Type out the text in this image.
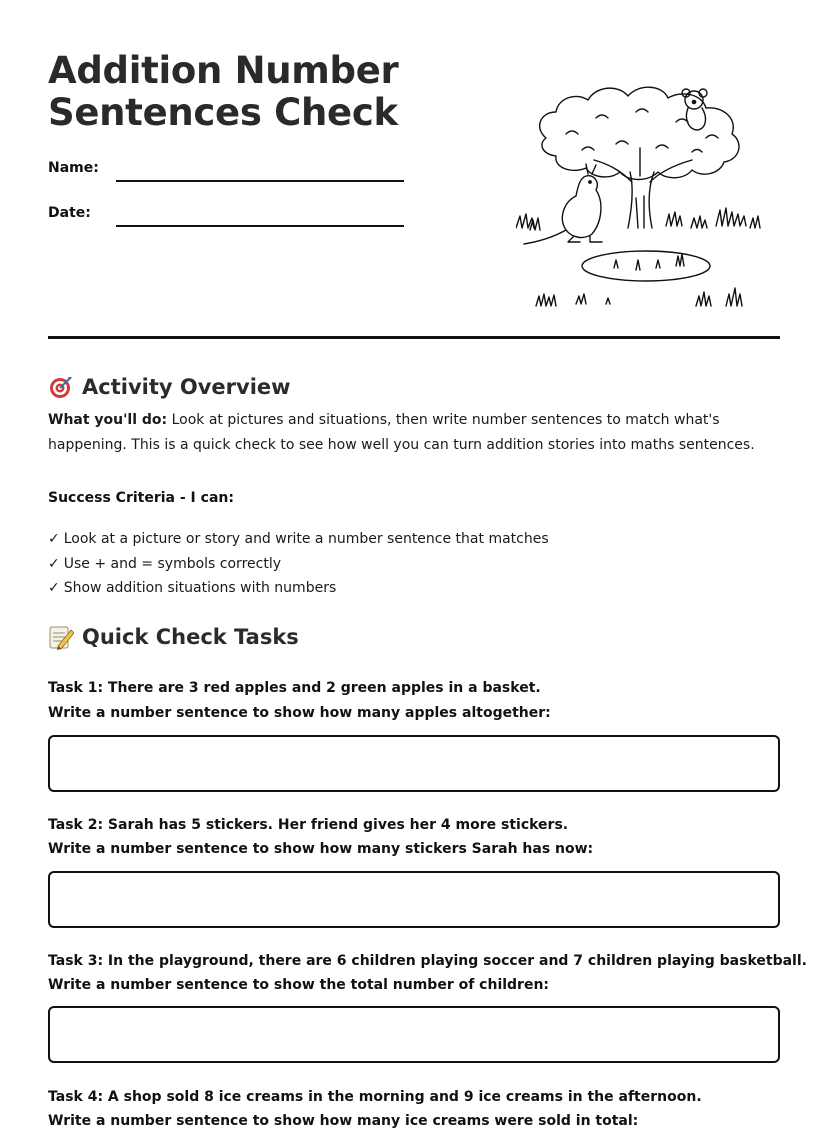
Addition Number
Sentences Check
Name:
Date:
Activity Overview

What you'll do: Look at pictures and situations, then write number sentences to match what's happening. This is a quick check to see how well you can turn addition stories into maths sentences.

Success Criteria - I can:
✓ Look at a picture or story and write a number sentence that matches
✓ Use + and = symbols correctly
✓ Show addition situations with numbers
Quick Check Tasks
Task 1: There are 3 red apples and 2 green apples in a basket.
Write a number sentence to show how many apples altogether:
Task 2: Sarah has 5 stickers. Her friend gives her 4 more stickers.
Write a number sentence to show how many stickers Sarah has now:
Task 3: In the playground, there are 6 children playing soccer and 7 children playing basketball.
Write a number sentence to show the total number of children:
Task 4: A shop sold 8 ice creams in the morning and 9 ice creams in the afternoon.
Write a number sentence to show how many ice creams were sold in total:
